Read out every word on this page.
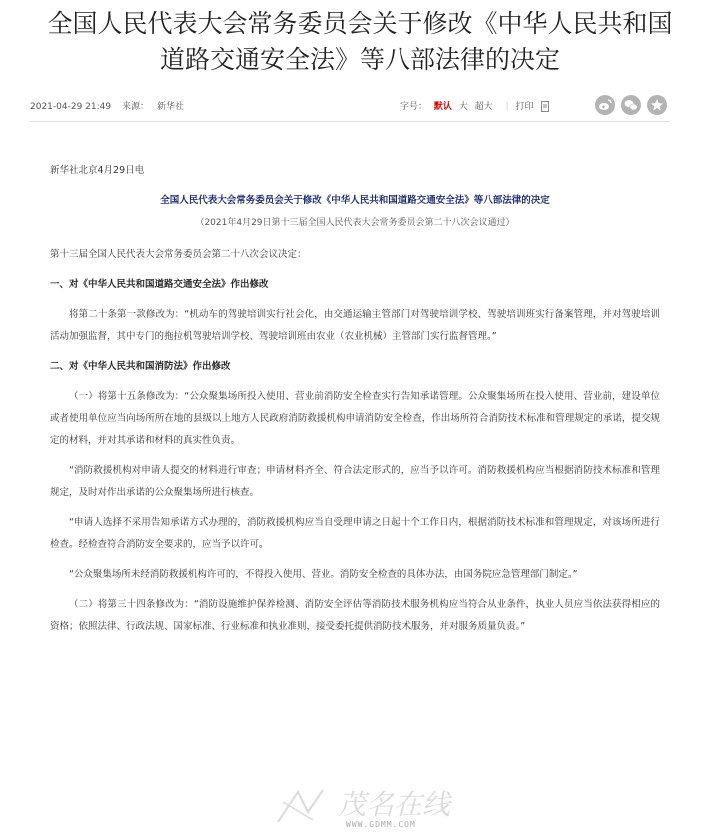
全国人民代表大会常务委员会关于修改《中华人民共和国
道路交通安全法》等八部法律的决定
2021-04-29 21:49 来源： 新华社	字号： 默认 大 超大 | 打印

新华社北京4月29日电

全国人民代表大会常务委员会关于修改《中华人民共和国道路交通安全法》等八部法律的决定

（2021年4月29日第十三届全国人民代表大会常务委员会第二十八次会议通过）

第十三届全国人民代表大会常务委员会第二十八次会议决定：

一、对《中华人民共和国道路交通安全法》作出修改

将第二十条第一款修改为：“机动车的驾驶培训实行社会化，由交通运输主管部门对驾驶培训学校、驾驶培训班实行备案管理，并对驾驶培训活动加强监督，其中专门的拖拉机驾驶培训学校、驾驶培训班由农业（农业机械）主管部门实行监督管理。”

二、对《中华人民共和国消防法》作出修改

（一）将第十五条修改为：“公众聚集场所投入使用、营业前消防安全检查实行告知承诺管理。公众聚集场所在投入使用、营业前，建设单位或者使用单位应当向场所所在地的县级以上地方人民政府消防救援机构申请消防安全检查，作出场所符合消防技术标准和管理规定的承诺，提交规定的材料，并对其承诺和材料的真实性负责。

“消防救援机构对申请人提交的材料进行审查；申请材料齐全、符合法定形式的，应当予以许可。消防救援机构应当根据消防技术标准和管理规定，及时对作出承诺的公众聚集场所进行核查。

“申请人选择不采用告知承诺方式办理的，消防救援机构应当自受理申请之日起十个工作日内，根据消防技术标准和管理规定，对该场所进行检查。经检查符合消防安全要求的，应当予以许可。

“公众聚集场所未经消防救援机构许可的，不得投入使用、营业。消防安全检查的具体办法，由国务院应急管理部门制定。”

（二）将第三十四条修改为：“消防设施维护保养检测、消防安全评估等消防技术服务机构应当符合从业条件，执业人员应当依法获得相应的资格；依照法律、行政法规、国家标准、行业标准和执业准则，接受委托提供消防技术服务，并对服务质量负责。”

茂名在线
WWW.GDMM.COM
